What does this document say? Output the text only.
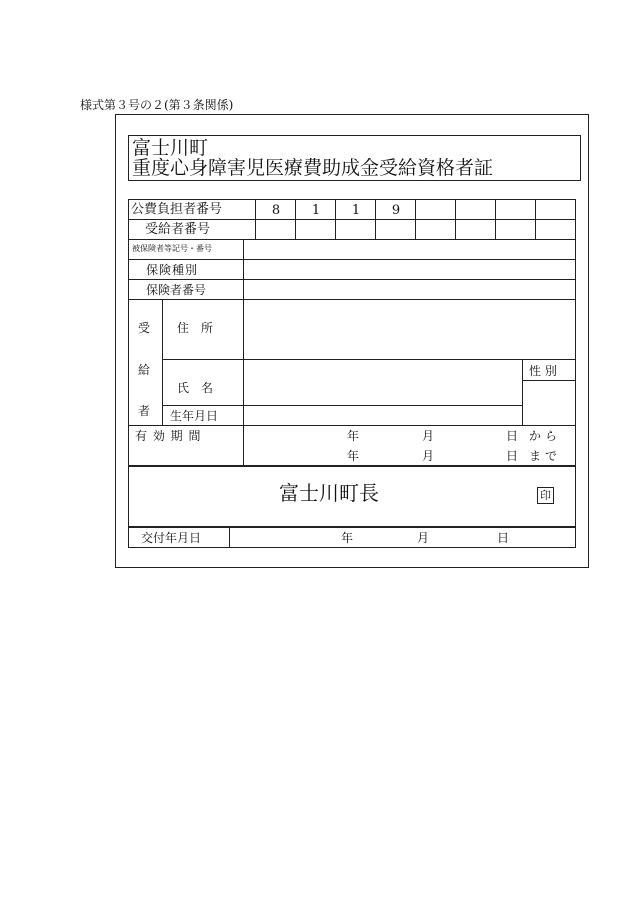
様式第３号の２(第３条関係)
富士川町
重度心身障害児医療費助成金受給資格者証
公費負担者番号	8	1	1	9
受給者番号
被保険者等記号・番号
保険種別
保険者番号
受
給
者
住　所
氏　名
性 別
生年月日
有 効 期 間	年	月	日 から
年	月	日 まで
富士川町長	印
交付年月日	年	月	日
